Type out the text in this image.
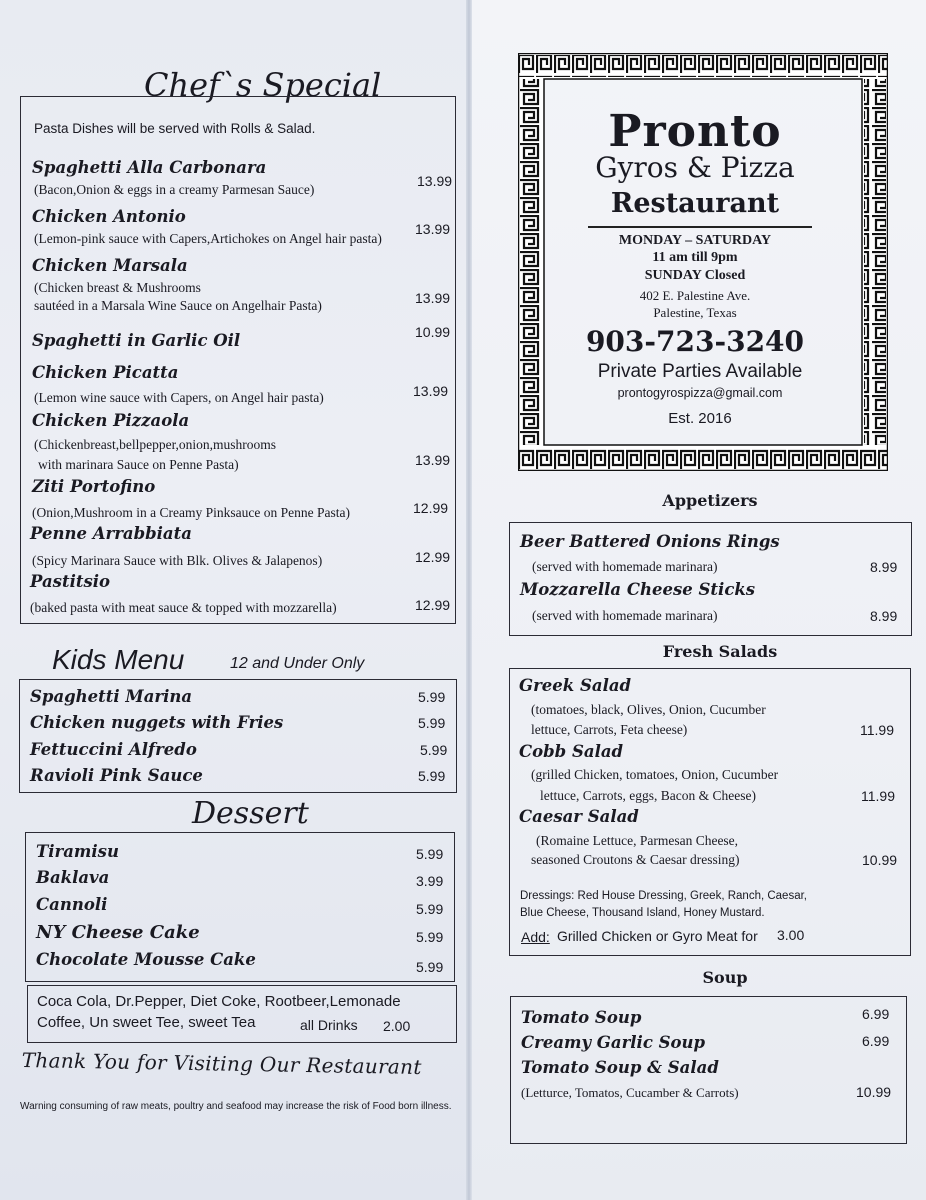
Chef`s Special
Pasta Dishes will be served with Rolls & Salad.
Spaghetti Alla Carbonara
(Bacon,Onion & eggs in a creamy Parmesan Sauce)
13.99
Chicken Antonio
(Lemon-pink sauce with Capers,Artichokes on Angel hair pasta)
13.99
Chicken Marsala
(Chicken breast & Mushrooms
sautéed in a Marsala Wine Sauce on Angelhair Pasta)	13.99
Spaghetti in Garlic Oil	10.99
Chicken Picatta
(Lemon wine sauce with Capers, on Angel hair pasta)	13.99
Chicken Pizzaola
(Chickenbreast,bellpepper,onion,mushrooms
with marinara Sauce on Penne Pasta)	13.99
Ziti Portofino
(Onion,Mushroom in a Creamy Pinksauce on Penne Pasta)	12.99
Penne Arrabbiata
(Spicy Marinara Sauce with Blk. Olives & Jalapenos)	12.99
Pastitsio
(baked pasta with meat sauce & topped with mozzarella)	12.99
Kids Menu	12 and Under Only
Spaghetti Marina	5.99
Chicken nuggets with Fries	5.99
Fettuccini Alfredo	5.99
Ravioli Pink Sauce	5.99
Dessert
Tiramisu	5.99
Baklava	3.99
Cannoli	5.99
NY Cheese Cake	5.99
Chocolate Mousse Cake	5.99
Coca Cola, Dr.Pepper, Diet Coke, Rootbeer,Lemonade
Coffee, Un sweet Tee, sweet Tea	all Drinks 2.00
Thank You for Visiting Our Restaurant
Warning consuming of raw meats, poultry and seafood may increase the risk of Food born illness.
Pronto
Gyros & Pizza
Restaurant
MONDAY – SATURDAY
11 am till 9pm
SUNDAY Closed
402 E. Palestine Ave.
Palestine, Texas
903-723-3240
Private Parties Available
prontogyrospizza@gmail.com
Est. 2016
Appetizers
Beer Battered Onions Rings
(served with homemade marinara)	8.99
Mozzarella Cheese Sticks
(served with homemade marinara)	8.99
Fresh Salads
Greek Salad
(tomatoes, black, Olives, Onion, Cucumber
lettuce, Carrots, Feta cheese)	11.99
Cobb Salad
(grilled Chicken, tomatoes, Onion, Cucumber
lettuce, Carrots, eggs, Bacon & Cheese)	11.99
Caesar Salad
(Romaine Lettuce, Parmesan Cheese,
seasoned Croutons & Caesar dressing)	10.99
Dressings: Red House Dressing, Greek, Ranch, Caesar,
Blue Cheese, Thousand Island, Honey Mustard.
Add: Grilled Chicken or Gyro Meat for 3.00
Soup
Tomato Soup	6.99
Creamy Garlic Soup	6.99
Tomato Soup & Salad
(Letturce, Tomatos, Cucamber & Carrots)	10.99
